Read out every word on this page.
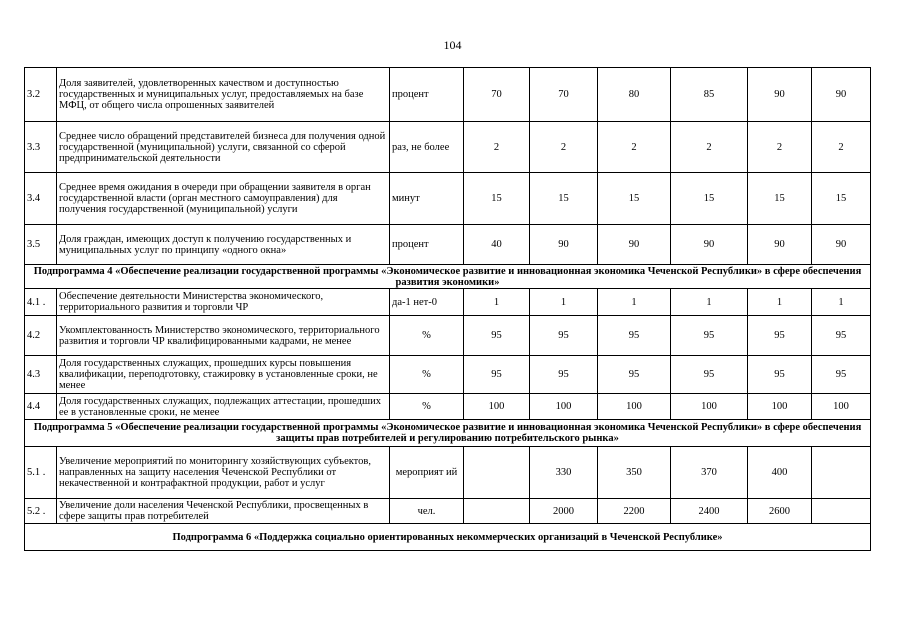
104
3.2	Доля заявителей, удовлетворенных качеством и доступностью государственных и муниципальных услуг, предоставляемых на базе МФЦ, от общего числа опрошенных заявителей	процент	70	70	80	85	90	90
3.3	Среднее число обращений представителей бизнеса для получения одной государственной (муниципальной) услуги, связанной со сферой предпринимательской деятельности	раз, не более	2	2	2	2	2	2
3.4	Среднее время ожидания в очереди при обращении заявителя в орган государственной власти (орган местного самоуправления) для получения государственной (муниципальной) услуги	минут	15	15	15	15	15	15
3.5	Доля граждан, имеющих доступ к получению государственных и муниципальных услуг по принципу «одного окна»	процент	40	90	90	90	90	90
Подпрограмма 4 «Обеспечение реализации государственной программы «Экономическое развитие и инновационная экономика Чеченской Республики» в сфере обеспечения развития экономики»								
4.1 .	Обеспечение деятельности Министерства экономического, территориального развития и торговли ЧР	да-1 нет-0	1	1	1	1	1	1
4.2	Укомплектованность Министерство экономического, территориального развития и торговли ЧР квалифицированными кадрами, не менее	%	95	95	95	95	95	95
4.3	Доля государственных служащих, прошедших курсы повышения квалификации, переподготовку, стажировку в установленные сроки, не менее	%	95	95	95	95	95	95
4.4	Доля государственных служащих, подлежащих аттестации, прошедших ее в установленные сроки, не менее	%	100	100	100	100	100	100
Подпрограмма 5 «Обеспечение реализации государственной программы «Экономическое развитие и инновационная экономика Чеченской Республики» в сфере обеспечения защиты прав потребителей и регулированию потребительского рынка»								
5.1 .	Увеличение мероприятий по мониторингу хозяйствующих субъектов, направленных на защиту населения Чеченской Республики от некачественной и контрафактной продукции, работ и услуг	мероприят ий		330	350	370	400	
5.2 .	Увеличение доли населения Чеченской Республики, просвещенных в сфере защиты прав потребителей	чел.		2000	2200	2400	2600	
Подпрограмма 6 «Поддержка социально ориентированных некоммерческих организаций в Чеченской Республике»								
